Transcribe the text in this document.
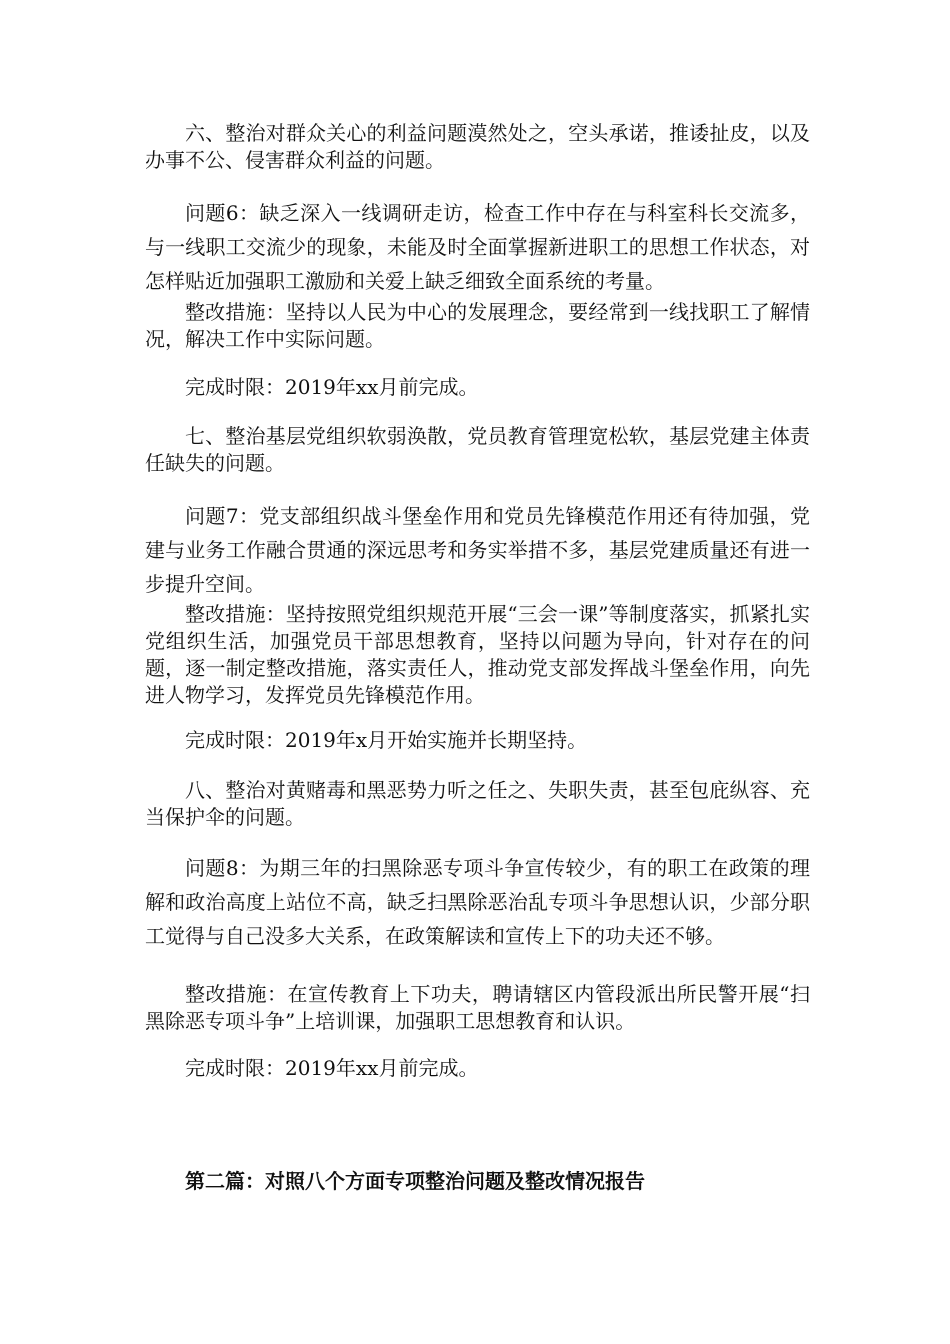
六、整治对群众关心的利益问题漠然处之，空头承诺，推诿扯皮，以及办事不公、侵害群众利益的问题。

问题6：缺乏深入一线调研走访，检查工作中存在与科室科长交流多，与一线职工交流少的现象，未能及时全面掌握新进职工的思想工作状态，对怎样贴近加强职工激励和关爱上缺乏细致全面系统的考量。

整改措施：坚持以人民为中心的发展理念，要经常到一线找职工了解情况，解决工作中实际问题。

完成时限：2019年xx月前完成。

七、整治基层党组织软弱涣散，党员教育管理宽松软，基层党建主体责任缺失的问题。

问题7：党支部组织战斗堡垒作用和党员先锋模范作用还有待加强，党建与业务工作融合贯通的深远思考和务实举措不多，基层党建质量还有进一步提升空间。

整改措施：坚持按照党组织规范开展“三会一课”等制度落实，抓紧扎实党组织生活，加强党员干部思想教育，坚持以问题为导向，针对存在的问题，逐一制定整改措施，落实责任人，推动党支部发挥战斗堡垒作用，向先进人物学习，发挥党员先锋模范作用。

完成时限：2019年x月开始实施并长期坚持。

八、整治对黄赌毒和黑恶势力听之任之、失职失责，甚至包庇纵容、充当保护伞的问题。

问题8：为期三年的扫黑除恶专项斗争宣传较少，有的职工在政策的理解和政治高度上站位不高，缺乏扫黑除恶治乱专项斗争思想认识，少部分职工觉得与自己没多大关系，在政策解读和宣传上下的功夫还不够。

整改措施：在宣传教育上下功夫，聘请辖区内管段派出所民警开展“扫黑除恶专项斗争”上培训课，加强职工思想教育和认识。

完成时限：2019年xx月前完成。

第二篇：对照八个方面专项整治问题及整改情况报告
